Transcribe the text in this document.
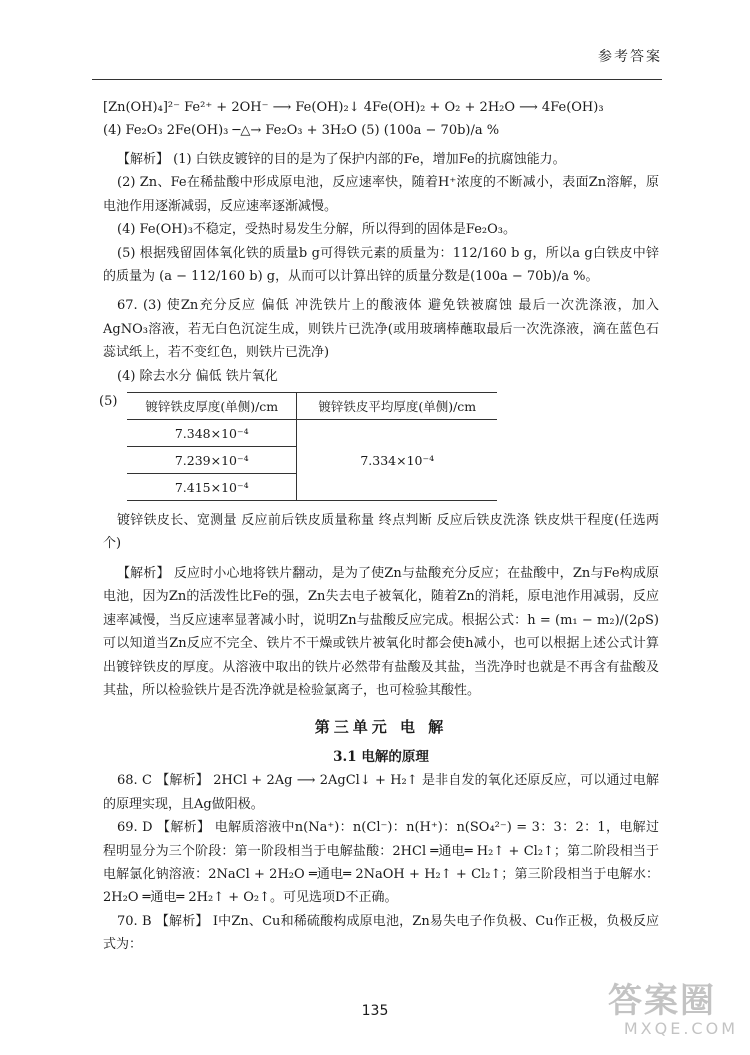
参考答案
[Zn(OH)₄]²⁻ Fe²⁺ + 2OH⁻ ⟶ Fe(OH)₂↓ 4Fe(OH)₂ + O₂ + 2H₂O ⟶ 4Fe(OH)₃
(4) Fe₂O₃ 2Fe(OH)₃ ─△→ Fe₂O₃ + 3H₂O (5) (100a − 70b)/a %
【解析】 (1) 白铁皮镀锌的目的是为了保护内部的Fe，增加Fe的抗腐蚀能力。
(2) Zn、Fe在稀盐酸中形成原电池，反应速率快，随着H⁺浓度的不断减小，表面Zn溶解，原电池作用逐渐减弱，反应速率逐渐减慢。
(4) Fe(OH)₃不稳定，受热时易发生分解，所以得到的固体是Fe₂O₃。
(5) 根据残留固体氧化铁的质量b g可得铁元素的质量为：112/160 b g，所以a g白铁皮中锌的质量为 (a − 112/160 b) g，从而可以计算出锌的质量分数是(100a − 70b)/a %。
67. (3) 使Zn充分反应 偏低 冲洗铁片上的酸液体 避免铁被腐蚀 最后一次洗涤液，加入AgNO₃溶液，若无白色沉淀生成，则铁片已洗净(或用玻璃棒蘸取最后一次洗涤液，滴在蓝色石蕊试纸上，若不变红色，则铁片已洗净)
(4) 除去水分 偏低 铁片氧化
(5) 镀锌铁皮厚度(单侧)/cm	镀锌铁皮平均厚度(单侧)/cm
7.348×10⁻⁴	7.334×10⁻⁴
7.239×10⁻⁴	
7.415×10⁻⁴	
镀锌铁皮长、宽测量 反应前后铁皮质量称量 终点判断 反应后铁皮洗涤 铁皮烘干程度(任选两个)
【解析】 反应时小心地将铁片翻动，是为了使Zn与盐酸充分反应；在盐酸中，Zn与Fe构成原电池，因为Zn的活泼性比Fe的强，Zn失去电子被氧化，随着Zn的消耗，原电池作用减弱，反应速率减慢，当反应速率显著减小时，说明Zn与盐酸反应完成。根据公式：h = (m₁ − m₂)/(2ρS) 可以知道当Zn反应不完全、铁片不干燥或铁片被氧化时都会使h减小，也可以根据上述公式计算出镀锌铁皮的厚度。从溶液中取出的铁片必然带有盐酸及其盐，当洗净时也就是不再含有盐酸及其盐，所以检验铁片是否洗净就是检验氯离子，也可检验其酸性。
第三单元 电 解
3.1 电解的原理
68. C 【解析】 2HCl + 2Ag ⟶ 2AgCl↓ + H₂↑ 是非自发的氧化还原反应，可以通过电解的原理实现，且Ag做阳极。
69. D 【解析】 电解质溶液中n(Na⁺)：n(Cl⁻)：n(H⁺)：n(SO₄²⁻) = 3：3：2：1，电解过程明显分为三个阶段：第一阶段相当于电解盐酸：2HCl ═通电═ H₂↑ + Cl₂↑；第二阶段相当于电解氯化钠溶液：2NaCl + 2H₂O ═通电═ 2NaOH + H₂↑ + Cl₂↑；第三阶段相当于电解水：2H₂O ═通电═ 2H₂↑ + O₂↑。可见选项D不正确。
70. B 【解析】 Ⅰ中Zn、Cu和稀硫酸构成原电池，Zn易失电子作负极、Cu作正极，负极反应式为：
135	答案圈
MXQE.COM
